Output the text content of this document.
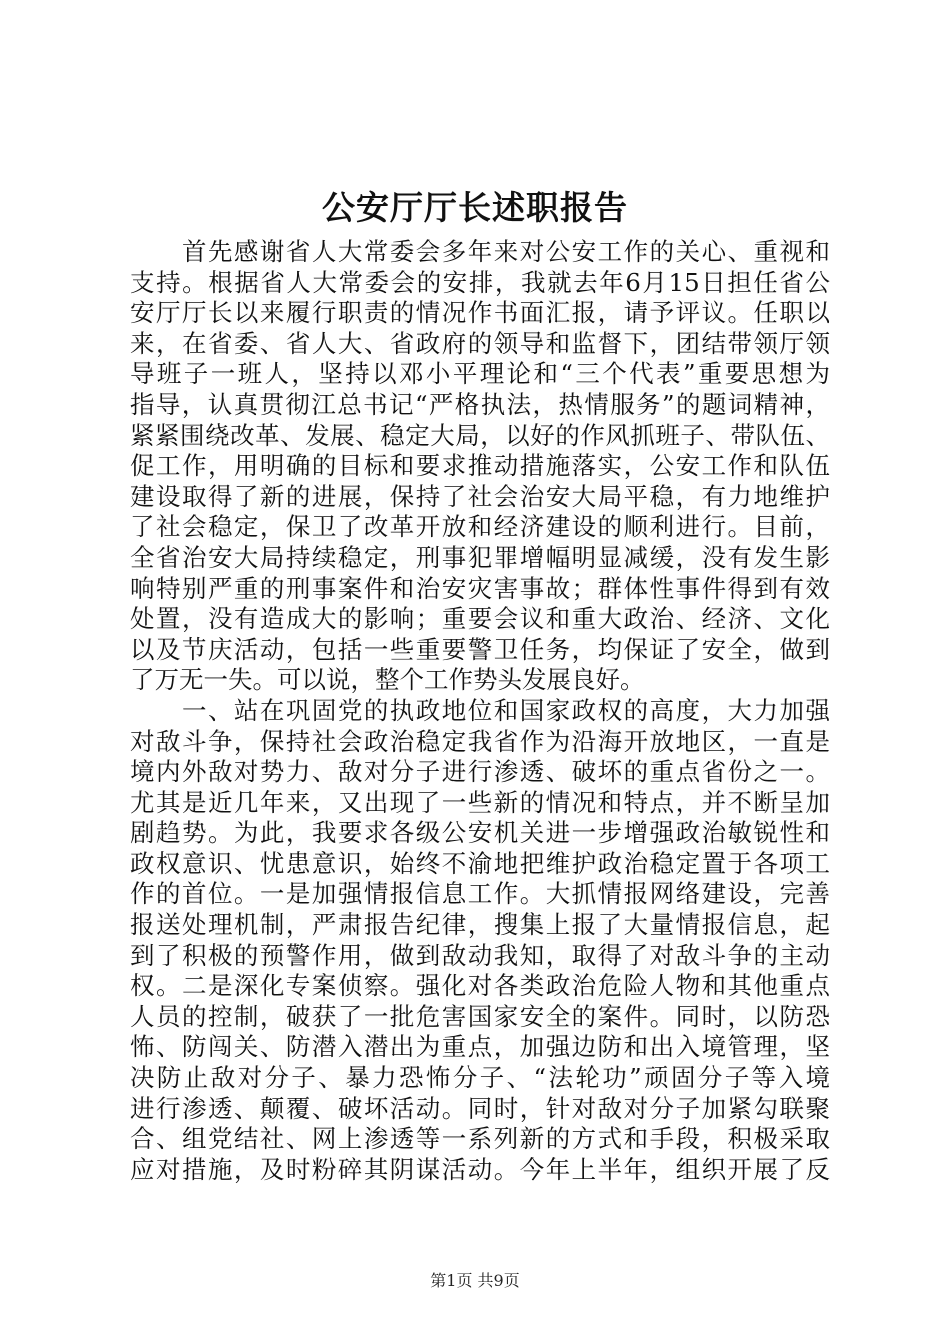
公安厅厅长述职报告
　　首先感谢省人大常委会多年来对公安工作的关心、重视和
支持。根据省人大常委会的安排，我就去年6月15日担任省公
安厅厅长以来履行职责的情况作书面汇报，请予评议。任职以
来，在省委、省人大、省政府的领导和监督下，团结带领厅领
导班子一班人，坚持以邓小平理论和“三个代表”重要思想为
指导，认真贯彻江总书记“严格执法，热情服务”的题词精神，
紧紧围绕改革、发展、稳定大局，以好的作风抓班子、带队伍、
促工作，用明确的目标和要求推动措施落实，公安工作和队伍
建设取得了新的进展，保持了社会治安大局平稳，有力地维护
了社会稳定，保卫了改革开放和经济建设的顺利进行。目前，
全省治安大局持续稳定，刑事犯罪增幅明显减缓，没有发生影
响特别严重的刑事案件和治安灾害事故；群体性事件得到有效
处置，没有造成大的影响；重要会议和重大政治、经济、文化
以及节庆活动，包括一些重要警卫任务，均保证了安全，做到
了万无一失。可以说，整个工作势头发展良好。
　　一、站在巩固党的执政地位和国家政权的高度，大力加强
对敌斗争，保持社会政治稳定我省作为沿海开放地区，一直是
境内外敌对势力、敌对分子进行渗透、破坏的重点省份之一。
尤其是近几年来，又出现了一些新的情况和特点，并不断呈加
剧趋势。为此，我要求各级公安机关进一步增强政治敏锐性和
政权意识、忧患意识，始终不渝地把维护政治稳定置于各项工
作的首位。一是加强情报信息工作。大抓情报网络建设，完善
报送处理机制，严肃报告纪律，搜集上报了大量情报信息，起
到了积极的预警作用，做到敌动我知，取得了对敌斗争的主动
权。二是深化专案侦察。强化对各类政治危险人物和其他重点
人员的控制，破获了一批危害国家安全的案件。同时，以防恐
怖、防闯关、防潜入潜出为重点，加强边防和出入境管理，坚
决防止敌对分子、暴力恐怖分子、“法轮功”顽固分子等入境
进行渗透、颠覆、破坏活动。同时，针对敌对分子加紧勾联聚
合、组党结社、网上渗透等一系列新的方式和手段，积极采取
应对措施，及时粉碎其阴谋活动。今年上半年，组织开展了反
第1页 共9页
